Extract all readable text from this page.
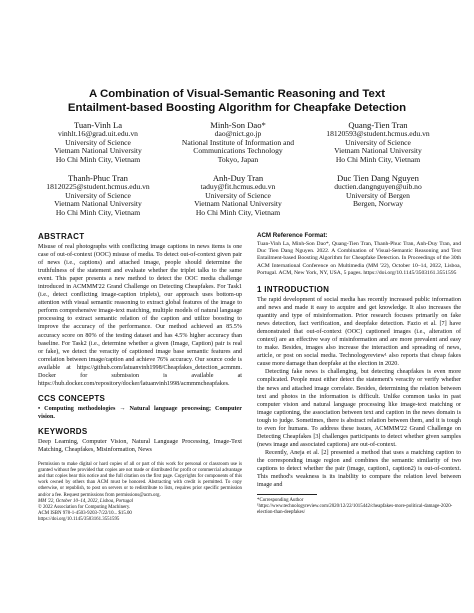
A Combination of Visual-Semantic Reasoning and Text
Entailment-based Boosting Algorithm for Cheapfake Detection
Tuan-Vinh La
vinhlt.16@grad.uit.edu.vn
University of Science
Vietnam National University
Ho Chi Minh City, Vietnam
Minh-Son Dao*
dao@nict.go.jp
National Institute of Information and
Communications Technology
Tokyo, Japan
Quang-Tien Tran
18120593@student.hcmus.edu.vn
University of Science
Vietnam National University
Ho Chi Minh City, Vietnam
Thanh-Phuc Tran
18120225@student.hcmus.edu.vn
University of Science
Vietnam National University
Ho Chi Minh City, Vietnam
Anh-Duy Tran
taduy@fit.hcmus.edu.vn
University of Science
Vietnam National University
Ho Chi Minh City, Vietnam
Duc Tien Dang Nguyen
ductien.dangnguyen@uib.no
University of Bergen
Bergen, Norway
ABSTRACT

Misuse of real photographs with conflicting image captions in news items is one case of out-of-context (OOC) misuse of media. To detect out-of-context given pair of news (i.e., captions) and attached image, people should determine the truthfulness of the statement and evaluate whether the triplet talks to the same event. This paper presents a new method to detect the OOC media challenge introduced in ACMMM'22 Grand Challenge on Detecting Cheapfakes. For Task1 (i.e., detect conflicting image-caption triplets), our approach uses bottom-up attention with visual semantic reasoning to extract global features of the image to perform comprehensive image-text matching, multiple models of natural language processing to extract semantic relation of the caption and utilize boosting to improve the accuracy of the performance. Our method achieved an 85.5% accuracy score on 80% of the testing dataset and has 4.5% higher accuracy than baseline. For Task2 (i.e., determine whether a given (Image, Caption) pair is real or fake), we detect the veracity of captioned image base semantic features and correlation between image/caption and achieve 76% accuracy. Our source code is available at https://github.com/latuanvinh1998/Cheapfakes_detection_acmmm. Docker for submission is available at https://hub.docker.com/repository/docker/latuanvinh1998/acmmmcheapfakes.

CCS CONCEPTS

• Computing methodologies → Natural language processing; Computer vision.

KEYWORDS

Deep Learning, Computer Vision, Natural Language Processing, Image-Text Matching, Cheapfakes, Misinformation, News

Permission to make digital or hard copies of all or part of this work for personal or classroom use is granted without fee provided that copies are not made or distributed for profit or commercial advantage and that copies bear this notice and the full citation on the first page. Copyrights for components of this work owned by others than ACM must be honored. Abstracting with credit is permitted. To copy otherwise, or republish, to post on servers or to redistribute to lists, requires prior specific permission and/or a fee. Request permissions from permissions@acm.org.

MM '22, October 10–14, 2022, Lisboa, Portugal

© 2022 Association for Computing Machinery.

ACM ISBN 978-1-4503-9203-7/22/10... $15.00

https://doi.org/10.1145/3503161.3551595

ACM Reference Format:

Tuan-Vinh La, Minh-Son Dao*, Quang-Tien Tran, Thanh-Phuc Tran, Anh-Duy Tran, and Duc Tien Dang Nguyen. 2022. A Combination of Visual-Semantic Reasoning and Text Entailment-based Boosting Algorithm for Cheapfake Detection. In Proceedings of the 30th ACM International Conference on Multimedia (MM '22), October 10–14, 2022, Lisboa, Portugal. ACM, New York, NY, USA, 5 pages. https://doi.org/10.1145/3503161.3551595

1 INTRODUCTION

The rapid development of social media has recently increased public information and news and made it easy to acquire and get knowledge. It also increases the quantity and type of misinformation. Prior research focuses primarily on fake news detection, fact verification, and deepfake detection. Fazio et al. [7] have demonstrated that out-of-context (OOC) captioned images (i.e., alteration of context) are an effective way of misinformation and are more prevalent and easy to make. Besides, images also increase the interaction and spreading of news, article, or post on social media. Technologyreview¹ also reports that cheap fakes cause more damage than deepfake at the election in 2020.

Detecting fake news is challenging, but detecting cheapfakes is even more complicated. People must either detect the statement's veracity or verify whether the news and attached image correlate. Besides, determining the relation between text and photos in the information is difficult. Unlike common tasks in past computer vision and natural language processing like image-text matching or image captioning, the association between text and caption in the news domain is tough to judge. Sometimes, there is abstract relation between them, and it is tough to even for humans. To address these issues, ACMMM'22 Grand Challenge on Detecting Cheapfakes [3] challenges participants to detect whether given samples (news image and associated captions) are out-of-context.

Recently, Aneja et al. [2] presented a method that uses a matching caption to the corresponding image region and combines the semantic similarity of two captions to detect whether the pair (image, caption1, caption2) is out-of-context. This method's weakness is its inability to compare the relation level between image and

*Corresponding Author

¹https://www.technologyreview.com/2020/12/22/1015442/cheapfakes-more-political-damage-2020-election-than-deepfakes/
